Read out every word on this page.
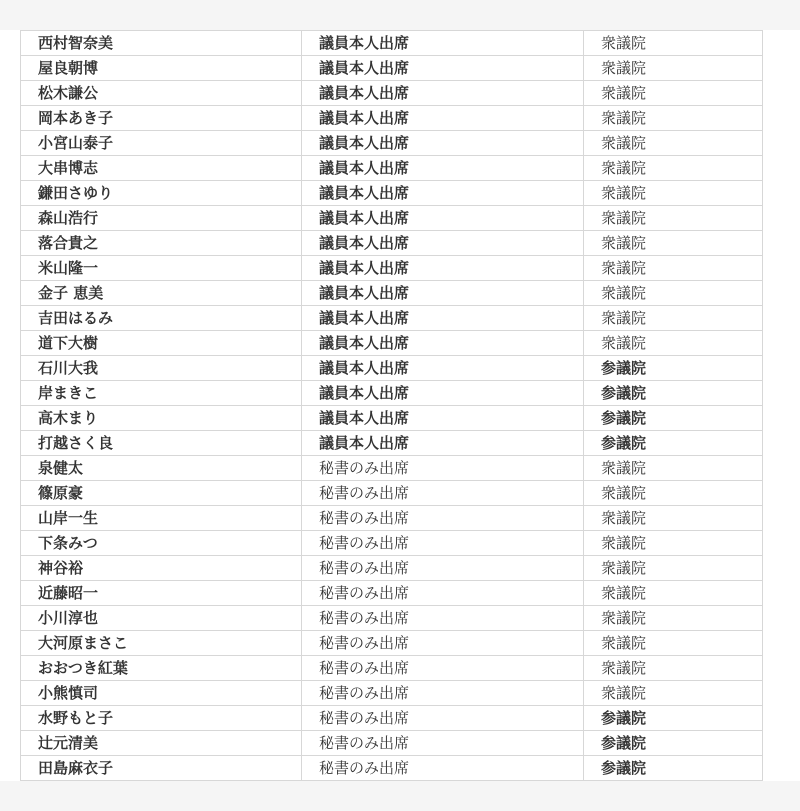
西村智奈美	議員本人出席	衆議院
屋良朝博	議員本人出席	衆議院
松木謙公	議員本人出席	衆議院
岡本あき子	議員本人出席	衆議院
小宮山泰子	議員本人出席	衆議院
大串博志	議員本人出席	衆議院
鎌田さゆり	議員本人出席	衆議院
森山浩行	議員本人出席	衆議院
落合貴之	議員本人出席	衆議院
米山隆一	議員本人出席	衆議院
金子 恵美	議員本人出席	衆議院
吉田はるみ	議員本人出席	衆議院
道下大樹	議員本人出席	衆議院
石川大我	議員本人出席	参議院
岸まきこ	議員本人出席	参議院
高木まり	議員本人出席	参議院
打越さく良	議員本人出席	参議院
泉健太	秘書のみ出席	衆議院
篠原豪	秘書のみ出席	衆議院
山岸一生	秘書のみ出席	衆議院
下条みつ	秘書のみ出席	衆議院
神谷裕	秘書のみ出席	衆議院
近藤昭一	秘書のみ出席	衆議院
小川淳也	秘書のみ出席	衆議院
大河原まさこ	秘書のみ出席	衆議院
おおつき紅葉	秘書のみ出席	衆議院
小熊慎司	秘書のみ出席	衆議院
水野もと子	秘書のみ出席	参議院
辻元清美	秘書のみ出席	参議院
田島麻衣子	秘書のみ出席	参議院
